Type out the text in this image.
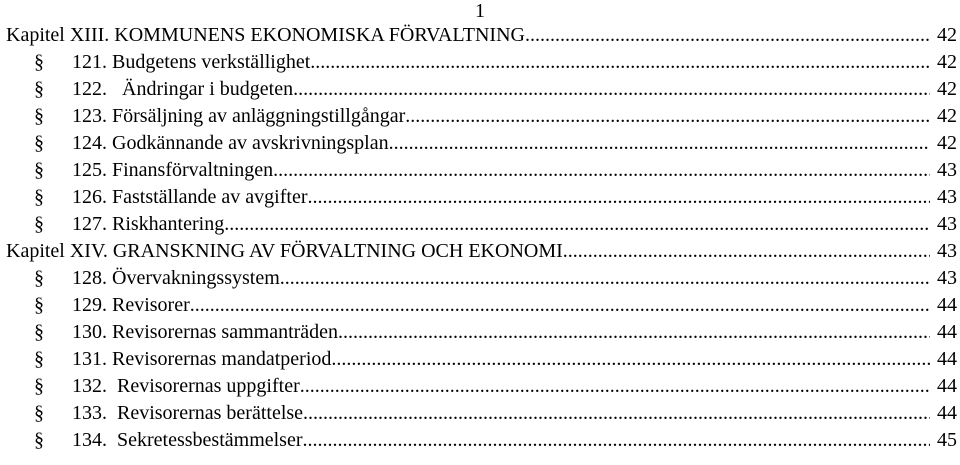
1
Kapitel XIII. KOMMUNENS EKONOMISKA FÖRVALTNING .....	42
§	121. Budgetens verkställighet .....	42
§	122.   Ändringar i budgeten .....	42
§	123. Försäljning av anläggningstillgångar .....	42
§	124. Godkännande av avskrivningsplan .....	42
§	125. Finansförvaltningen .....	43
§	126. Fastställande av avgifter .....	43
§	127. Riskhantering .....	43
Kapitel XIV. GRANSKNING AV FÖRVALTNING OCH EKONOMI .....	43
§	128. Övervakningssystem .....	43
§	129. Revisorer .....	44
§	130. Revisorernas sammanträden .....	44
§	131. Revisorernas mandatperiod .....	44
§	132.  Revisorernas uppgifter .....	44
§	133.  Revisorernas berättelse .....	44
§	134.  Sekretessbestämmelser .....	45
